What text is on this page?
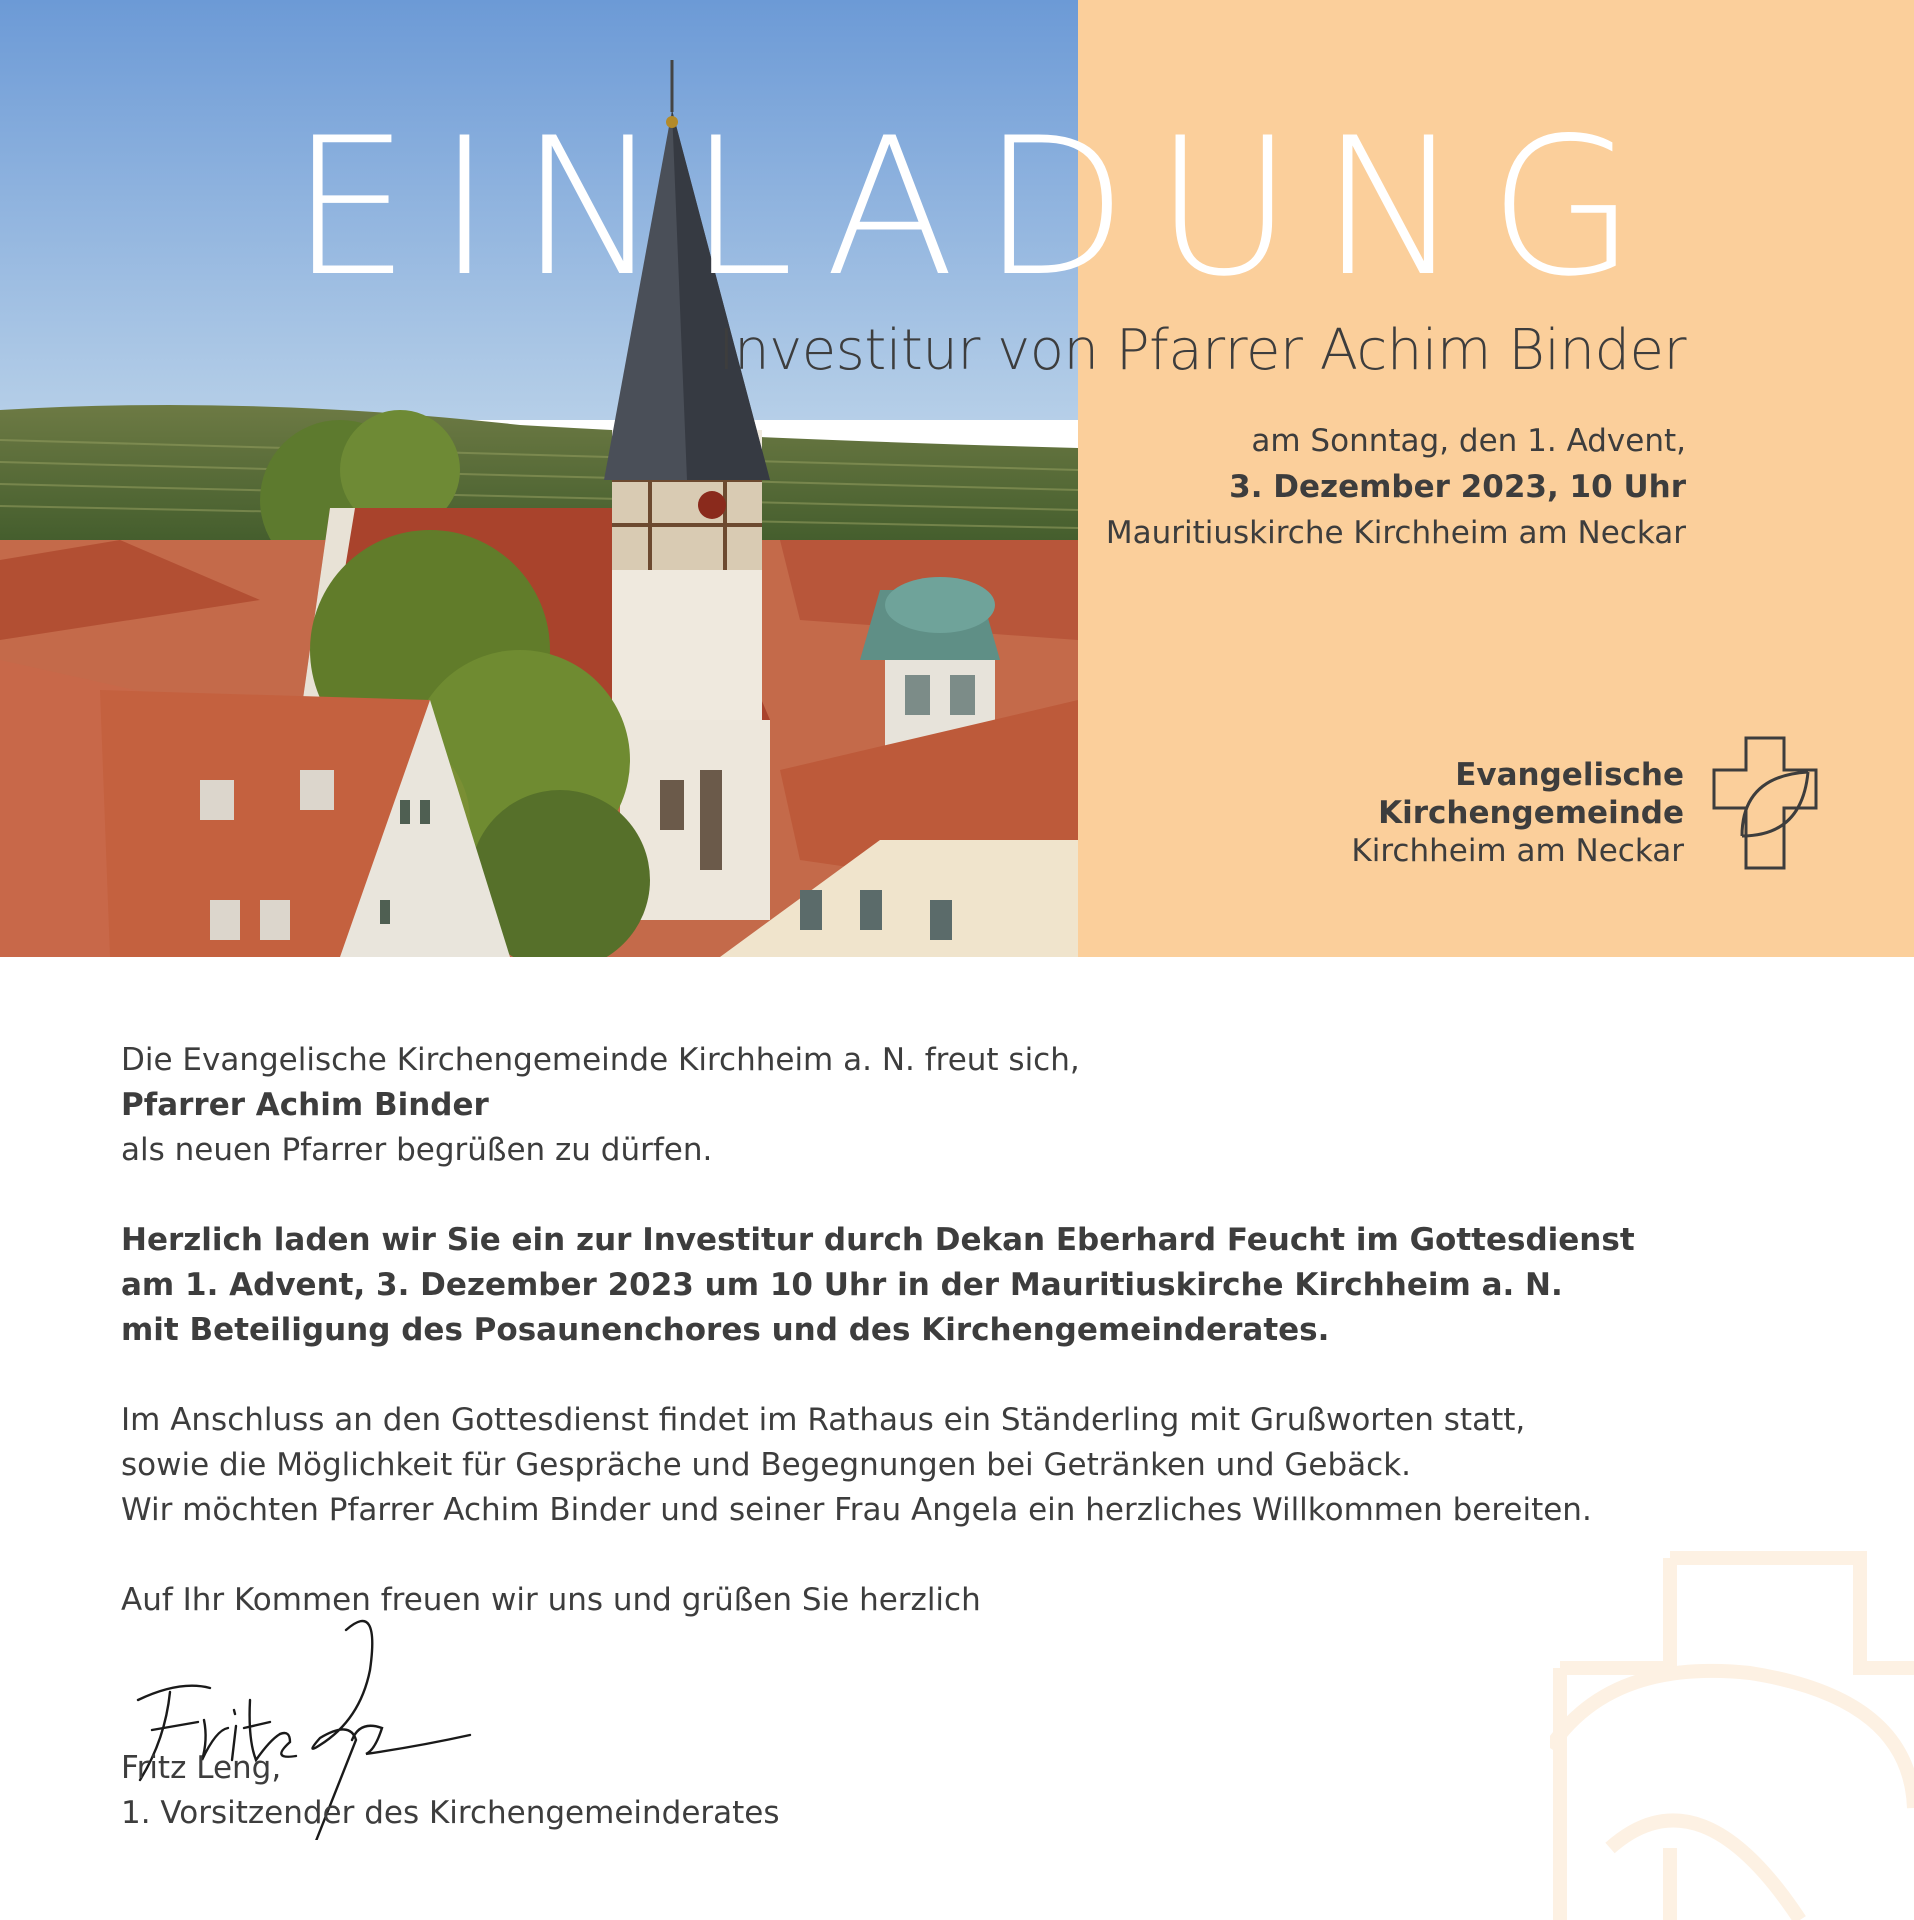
EINLADUNG
Investitur von Pfarrer Achim Binder
am Sonntag, den 1. Advent,
3. Dezember 2023, 10 Uhr
Mauritiuskirche Kirchheim am Neckar
Evangelische
Kirchengemeinde
Kirchheim am Neckar

Die Evangelische Kirchengemeinde Kirchheim a. N. freut sich,

Pfarrer Achim Binder

als neuen Pfarrer begrüßen zu dürfen.

Herzlich laden wir Sie ein zur Investitur durch Dekan Eberhard Feucht im Gottesdienst

am 1. Advent, 3. Dezember 2023 um 10 Uhr in der Mauritiuskirche Kirchheim a. N.

mit Beteiligung des Posaunenchores und des Kirchengemeinderates.

Im Anschluss an den Gottesdienst findet im Rathaus ein Ständerling mit Grußworten statt,

sowie die Möglichkeit für Gespräche und Begegnungen bei Getränken und Gebäck.

Wir möchten Pfarrer Achim Binder und seiner Frau Angela ein herzliches Willkommen bereiten.

Auf Ihr Kommen freuen wir uns und grüßen Sie herzlich

Fritz Leng,
1. Vorsitzender des Kirchengemeinderates
